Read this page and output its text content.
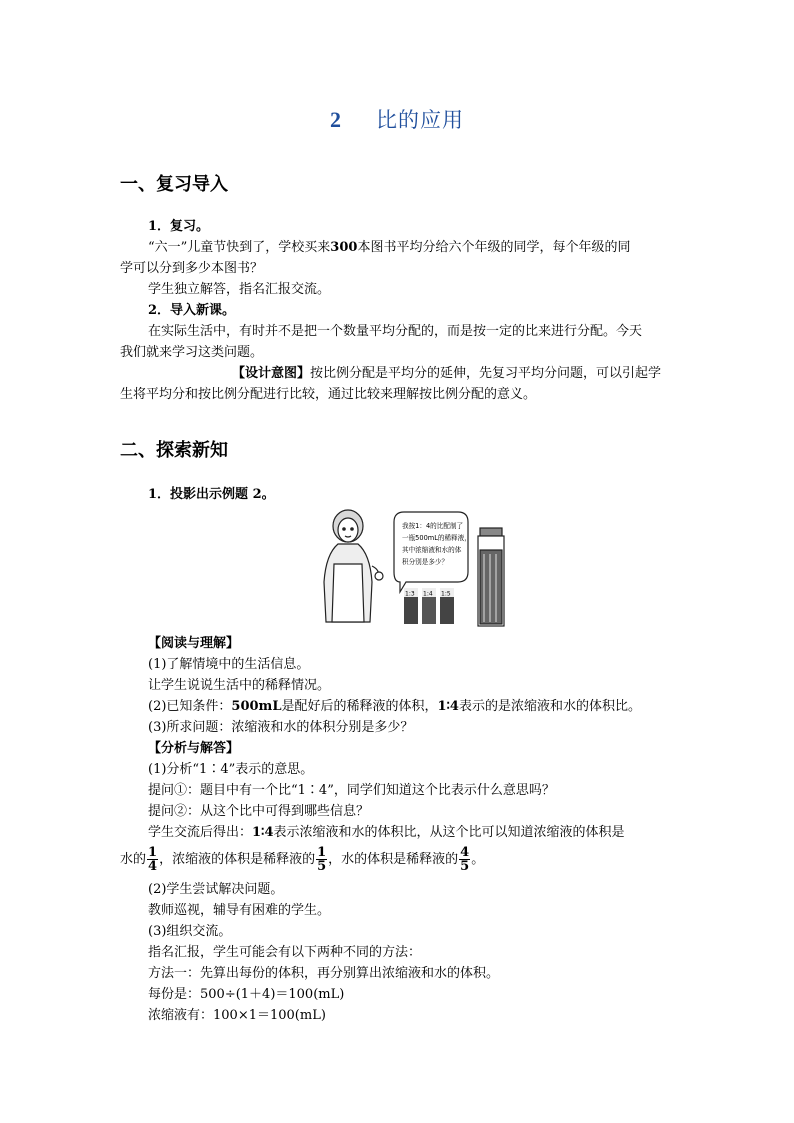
2 比的应用
一、复习导入
1．复习。
“六一”儿童节快到了，学校买来300本图书平均分给六个年级的同学，每个年级的同
学可以分到多少本图书？
学生独立解答，指名汇报交流。
2．导入新课。
在实际生活中，有时并不是把一个数量平均分配的，而是按一定的比来进行分配。今天
我们就来学习这类问题。
【设计意图】按比例分配是平均分的延伸，先复习平均分问题，可以引起学
生将平均分和按比例分配进行比较，通过比较来理解按比例分配的意义。
二、探索新知
1．投影出示例题 2。
我按1：4的比配制了
一瓶500mL的稀释液，
其中浓缩液和水的体
积分别是多少？
1:3 1:4 1:5
【阅读与理解】
(1)了解情境中的生活信息。
让学生说说生活中的稀释情况。
(2)已知条件：500mL是配好后的稀释液的体积，1∶4表示的是浓缩液和水的体积比。
(3)所求问题：浓缩液和水的体积分别是多少？
【分析与解答】
(1)分析“1∶4”表示的意思。
提问①：题目中有一个比“1∶4”，同学们知道这个比表示什么意思吗？
提问②：从这个比中可得到哪些信息？
学生交流后得出：1∶4表示浓缩液和水的体积比，从这个比可以知道浓缩液的体积是
水的 $\frac{1}{4}$ ，浓缩液的体积是稀释液的 $\frac{1}{5}$ ，水的体积是稀释液的 $\frac{4}{5}$ 。
(2)学生尝试解决问题。
教师巡视，辅导有困难的学生。
(3)组织交流。
指名汇报，学生可能会有以下两种不同的方法：
方法一：先算出每份的体积，再分别算出浓缩液和水的体积。
每份是：500÷(1＋4)＝100(mL)
浓缩液有：100×1＝100(mL)
